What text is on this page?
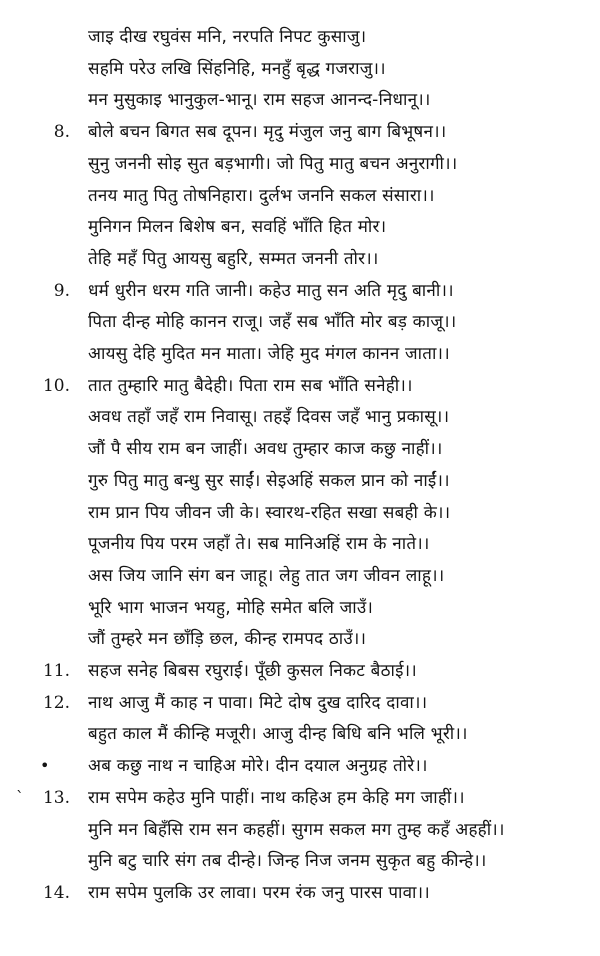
जाइ दीख रघुवंस मनि, नरपति निपट कुसाजु।
सहमि परेउ लखि सिंहनिहि, मनहुँ बृद्ध गजराजु।।
मन मुसुकाइ भानुकुल-भानू। राम सहज आनन्द-निधानू।।
8. बोले बचन बिगत सब दूपन। मृदु मंजुल जनु बाग बिभूषन।।
सुनु जननी सोइ सुत बड़भागी। जो पितु मातु बचन अनुरागी।।
तनय मातु पितु तोषनिहारा। दुर्लभ जननि सकल संसारा।।
मुनिगन मिलन बिशेष बन, सवहिं भाँति हित मोर।
तेहि महँ पितु आयसु बहुरि, सम्मत जननी तोर।।
9. धर्म धुरीन धरम गति जानी। कहेउ मातु सन अति मृदु बानी।।
पिता दीन्ह मोहि कानन राजू। जहँ सब भाँति मोर बड़ काजू।।
आयसु देहि मुदित मन माता। जेहि मुद मंगल कानन जाता।।
10. तात तुम्हारि मातु बैदेही। पिता राम सब भाँति सनेही।।
अवध तहाँ जहँ राम निवासू। तहइँ दिवस जहँ भानु प्रकासू।।
जौं पै सीय राम बन जाहीं। अवध तुम्हार काज कछु नाहीं।।
गुरु पितु मातु बन्धु सुर साईं। सेइअहिं सकल प्रान को नाईं।।
राम प्रान पिय जीवन जी के। स्वारथ-रहित सखा सबही के।।
पूजनीय पिय परम जहाँ ते। सब मानिअहिं राम के नाते।।
अस जिय जानि संग बन जाहू। लेहु तात जग जीवन लाहू।।
भूरि भाग भाजन भयहु, मोहि समेत बलि जाउँ।
जौं तुम्हरे मन छाँड़ि छल, कीन्ह रामपद ठाउँ।।
11. सहज सनेह बिबस रघुराई। पूँछी कुसल निकट बैठाई।।
12. नाथ आजु मैं काह न पावा। मिटे दोष दुख दारिद दावा।।
बहुत काल मैं कीन्हि मजूरी। आजु दीन्ह बिधि बनि भलि भूरी।।
अब कछु नाथ न चाहिअ मोरे। दीन दयाल अनुग्रह तोरे।।
13. राम सपेम कहेउ मुनि पाहीं। नाथ कहिअ हम केहि मग जाहीं।।
मुनि मन बिहँसि राम सन कहहीं। सुगम सकल मग तुम्ह कहँ अहहीं।।
मुनि बटु चारि संग तब दीन्हे। जिन्ह निज जनम सुकृत बहु कीन्हे।।
14. राम सपेम पुलकि उर लावा। परम रंक जनु पारस पावा।।
•
`
